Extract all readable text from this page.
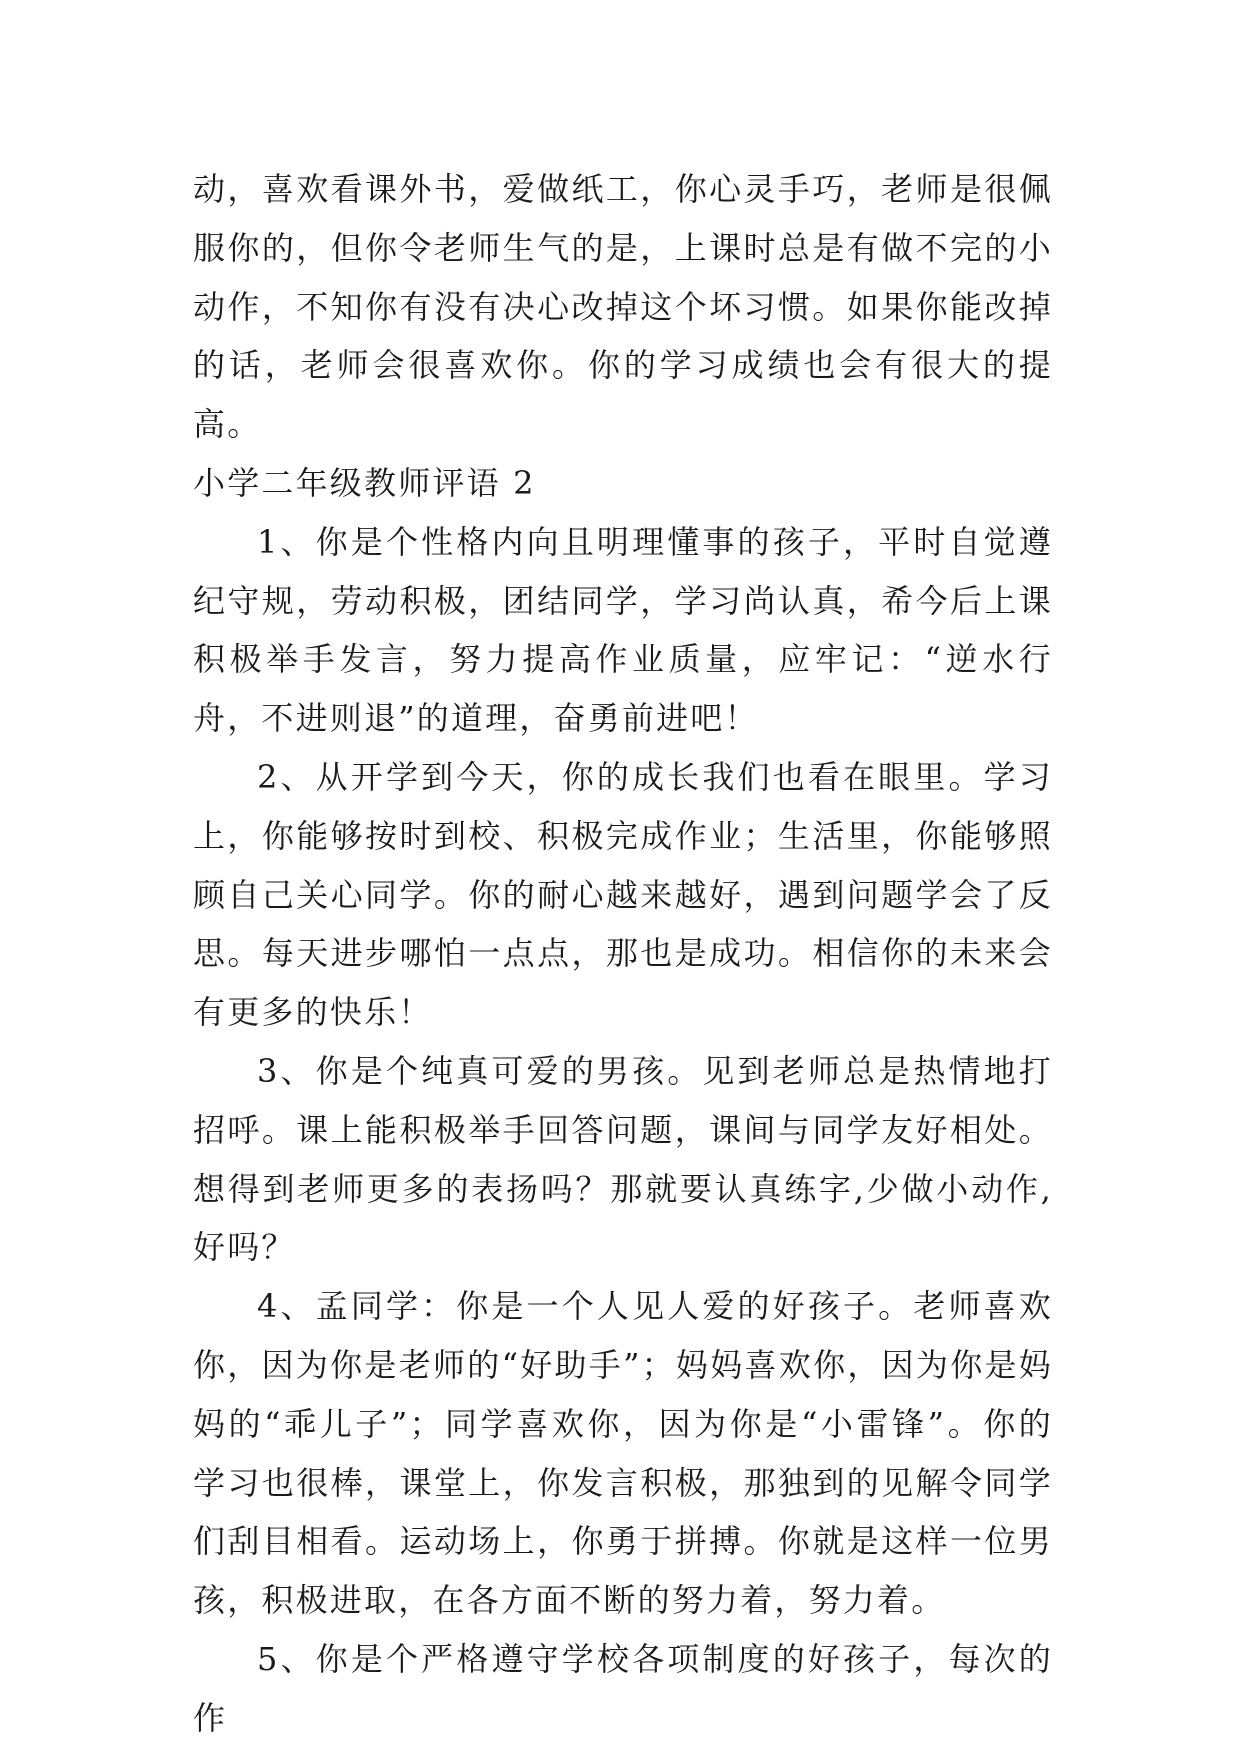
动，喜欢看课外书，爱做纸工，你心灵手巧，老师是很佩服你的，但你令老师生气的是，上课时总是有做不完的小动作，不知你有没有决心改掉这个坏习惯。如果你能改掉的话，老师会很喜欢你。你的学习成绩也会有很大的提高。

小学二年级教师评语 2

1、你是个性格内向且明理懂事的孩子，平时自觉遵纪守规，劳动积极，团结同学，学习尚认真，希今后上课积极举手发言，努力提高作业质量，应牢记：“逆水行舟，不进则退”的道理，奋勇前进吧！

2、从开学到今天，你的成长我们也看在眼里。学习上，你能够按时到校、积极完成作业；生活里，你能够照顾自己关心同学。你的耐心越来越好，遇到问题学会了反思。每天进步哪怕一点点，那也是成功。相信你的未来会有更多的快乐！

3、你是个纯真可爱的男孩。见到老师总是热情地打招呼。课上能积极举手回答问题，课间与同学友好相处。想得到老师更多的表扬吗？那就要认真练字,少做小动作,好吗？

4、孟同学：你是一个人见人爱的好孩子。老师喜欢你，因为你是老师的“好助手”；妈妈喜欢你，因为你是妈妈的“乖儿子”；同学喜欢你，因为你是“小雷锋”。你的学习也很棒，课堂上，你发言积极，那独到的见解令同学们刮目相看。运动场上，你勇于拼搏。你就是这样一位男孩，积极进取，在各方面不断的努力着，努力着。

5、你是个严格遵守学校各项制度的好孩子，每次的作
